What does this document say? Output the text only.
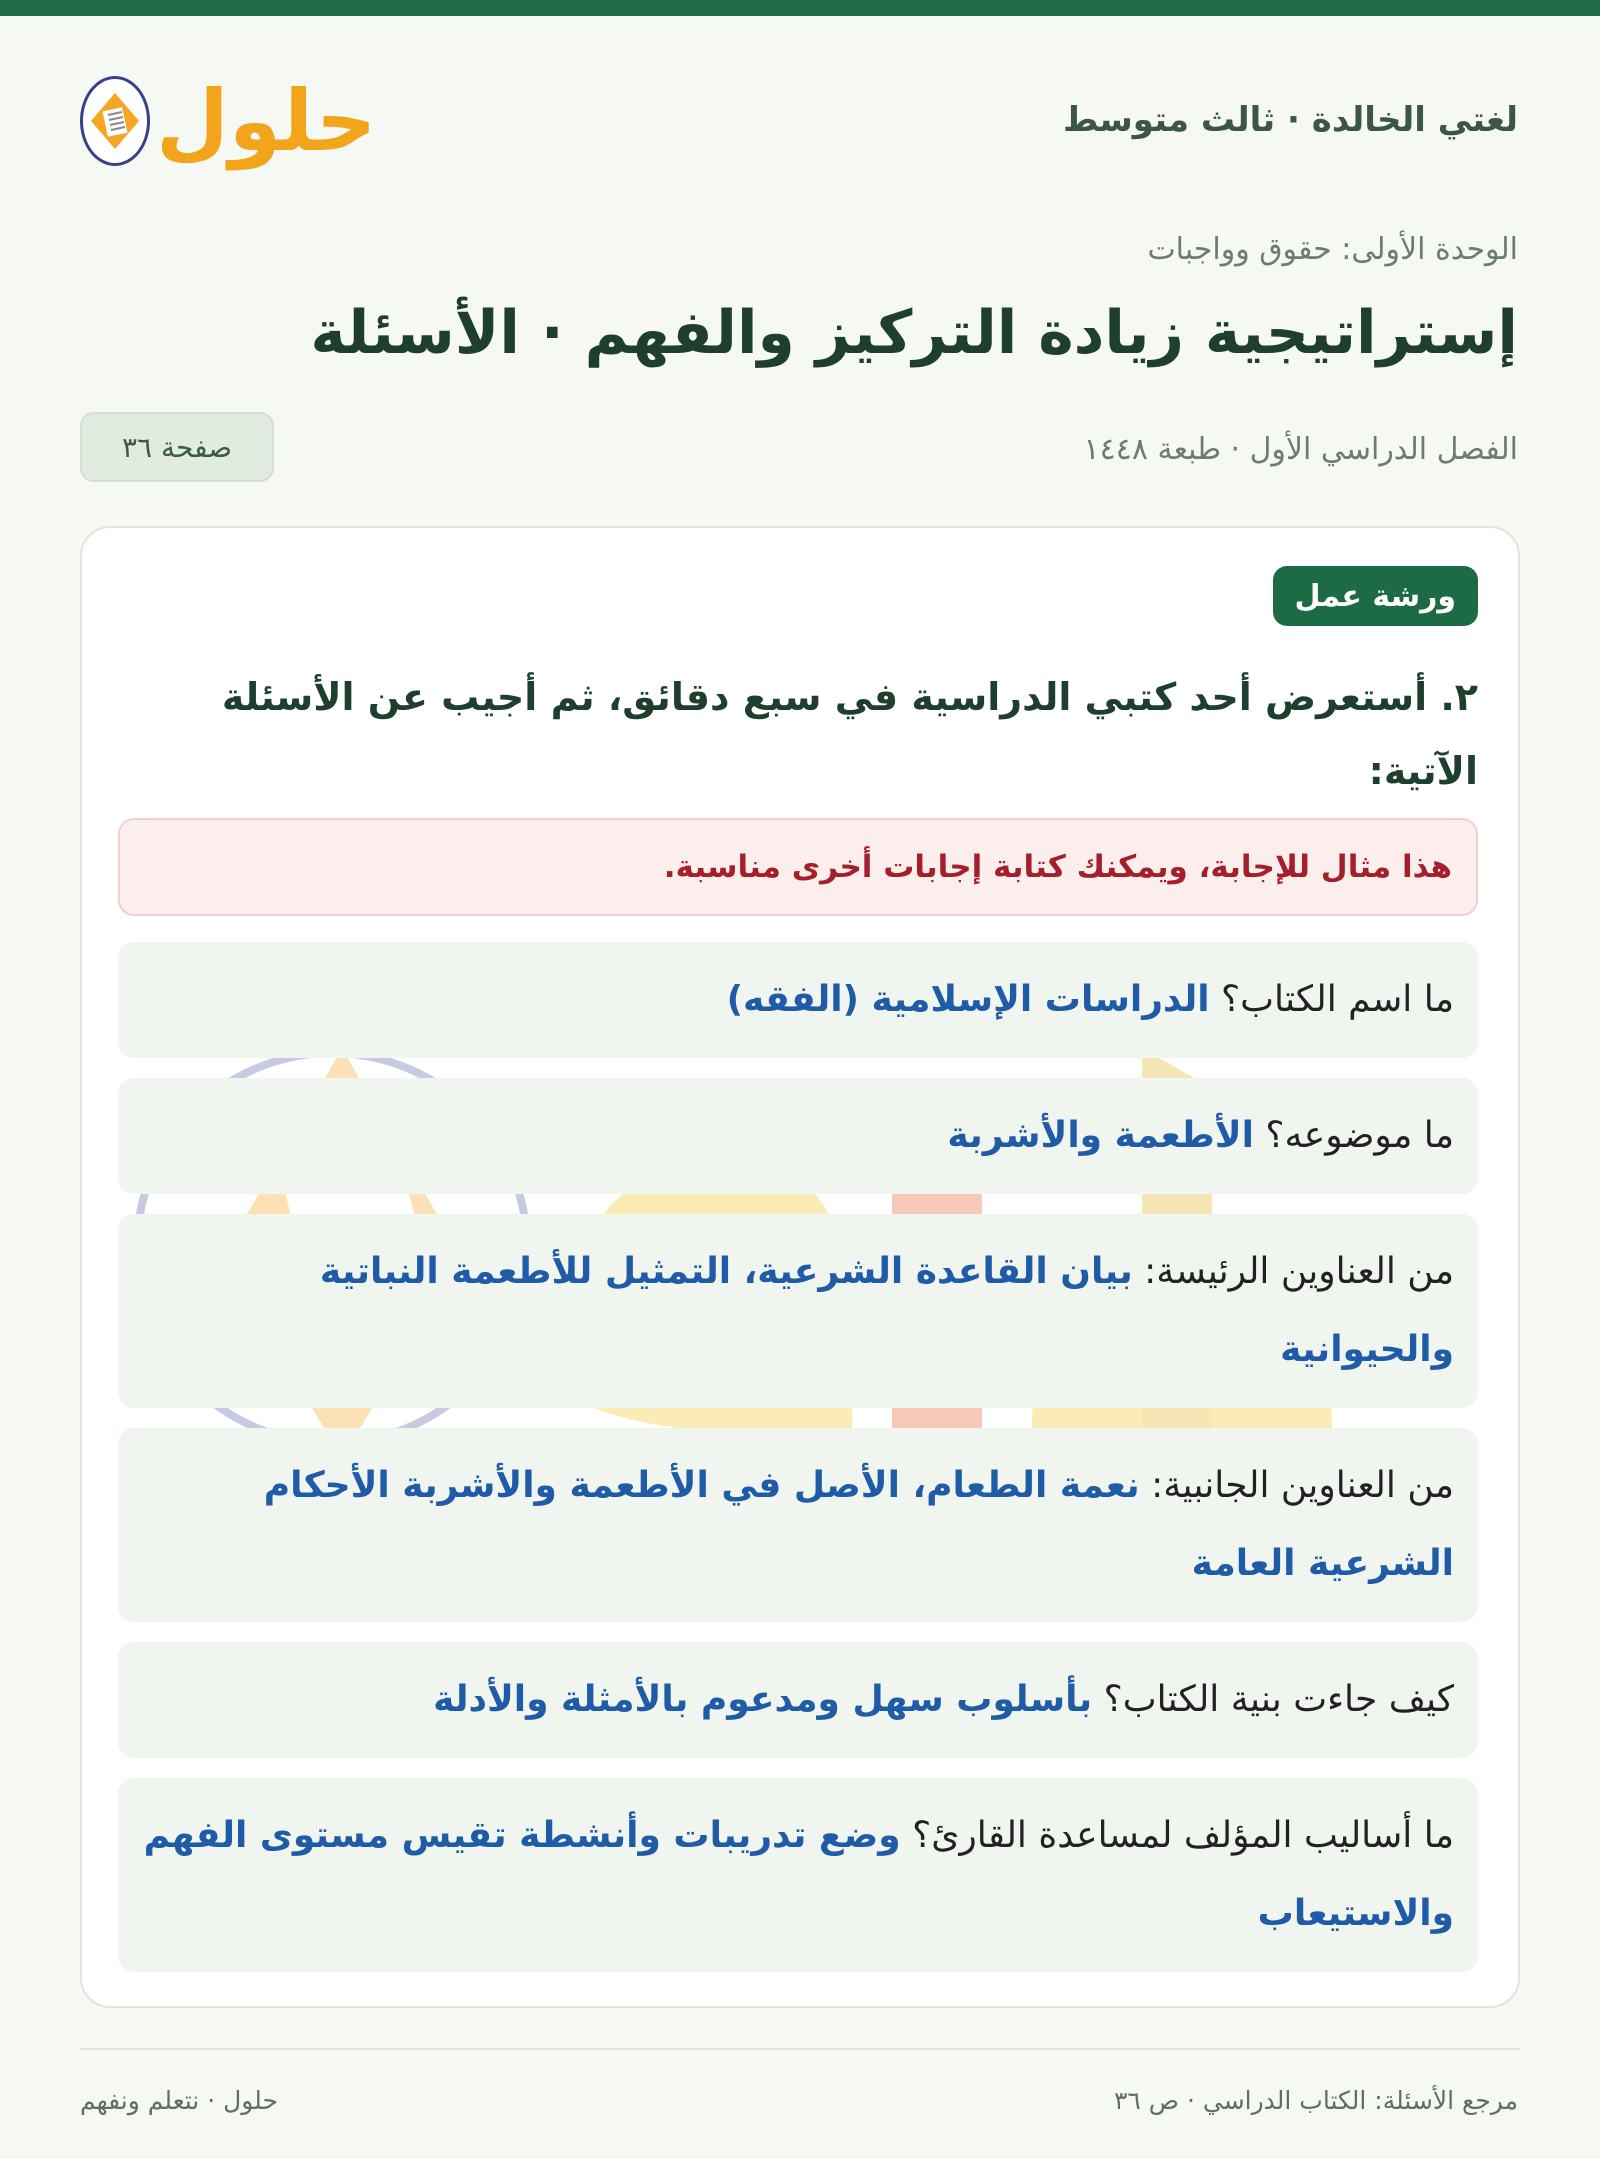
لغتي الخالدة · ثالث متوسط
حلول
الوحدة الأولى: حقوق وواجبات
إستراتيجية زيادة التركيز والفهم · الأسئلة
الفصل الدراسي الأول · طبعة ١٤٤٨
صفحة ٣٦
ورشة عمل
٢. أستعرض أحد كتبي الدراسية في سبع دقائق، ثم أجيب عن الأسئلة الآتية:
هذا مثال للإجابة، ويمكنك كتابة إجابات أخرى مناسبة.
ما اسم الكتاب؟ الدراسات الإسلامية (الفقه)
ما موضوعه؟ الأطعمة والأشربة
من العناوين الرئيسة: بيان القاعدة الشرعية، التمثيل للأطعمة النباتية والحيوانية
من العناوين الجانبية: نعمة الطعام، الأصل في الأطعمة والأشربة الأحكام الشرعية العامة
كيف جاءت بنية الكتاب؟ بأسلوب سهل ومدعوم بالأمثلة والأدلة
ما أساليب المؤلف لمساعدة القارئ؟ وضع تدريبات وأنشطة تقيس مستوى الفهم والاستيعاب
مرجع الأسئلة: الكتاب الدراسي · ص ٣٦
حلول · نتعلم ونفهم
